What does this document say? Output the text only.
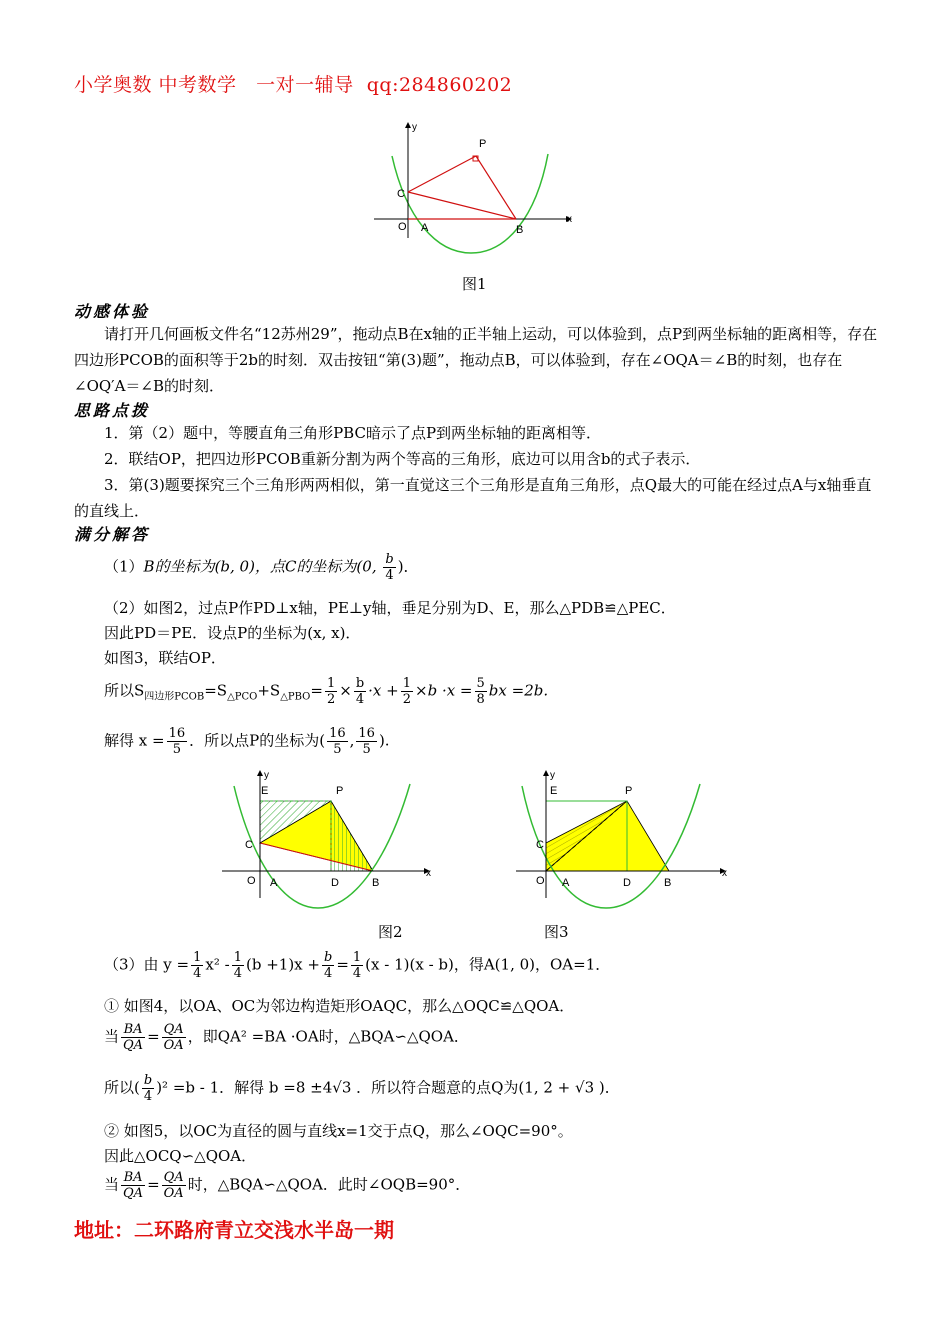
小学奥数 中考数学   一对一辅导  qq:284860202
y
x
O A	B
C
P
图1
动感体验
请打开几何画板文件名“12苏州29”，拖动点B在x轴的正半轴上运动，可以体验到，点P到两坐标轴的距离相等，存在四边形PCOB的面积等于2b的时刻．双击按钮“第(3)题”，拖动点B，可以体验到，存在∠OQA＝∠B的时刻，也存在∠OQ′A＝∠B的时刻．
思路点拨
1．第（2）题中，等腰直角三角形PBC暗示了点P到两坐标轴的距离相等．
2．联结OP，把四边形PCOB重新分割为两个等高的三角形，底边可以用含b的式子表示．
3．第(3)题要探究三个三角形两两相似，第一直觉这三个三角形是直角三角形，点Q最大的可能在经过点A与x轴垂直的直线上．
满分解答
（1）B的坐标为(b, 0)，点C的坐标为(0, $\frac{b}{4}$ )．
（2）如图2，过点P作PD⊥x轴，PE⊥y轴，垂足分别为D、E，那么△PDB≌△PEC．
因此PD＝PE．设点P的坐标为(x, x)．
如图3，联结OP．
所以$S_{四边形PCOB}=S_{\triangle PCO}+S_{\triangle PBO}= \frac{1}{2} \times \frac{b}{4} \cdot x + \frac{1}{2} \times b \cdot x = \frac{5}{8}$ bx =2b.
解得 $x = \frac{16}{5}$ ．所以点P的坐标为( $\frac{16}{5}$ , $\frac{16}{5}$ ).
y
x
O A	B
C
D
E	P
图2
y
x
O A	B
C
D
E	P
图3
（3）由 $y = \frac{1}{4} x^2 - \frac{1}{4} (b +1)x + \frac{b}{4} = \frac{1}{4} (x - 1)(x - b)$，得A(1, 0)，OA=1．
① 如图4，以OA、OC为邻边构造矩形OAQC，那么△OQC≌△QOA．
当 $\frac{BA}{QA} = \frac{QA}{OA}$ ，即QA² =BA ·OA时，△BQA∽△QOA．
所以( $\frac{b}{4} )^2 =b - 1$．解得 b =8 ±4√3 ．所以符合题意的点Q为(1, 2 + √3 )．
② 如图5，以OC为直径的圆与直线x=1交于点Q，那么∠OQC=90°。
因此△OCQ∽△QOA．
当 $\frac{BA}{QA} = \frac{QA}{OA}$ 时，△BQA∽△QOA．此时∠OQB=90°．
地址：二环路府青立交浅水半岛一期
